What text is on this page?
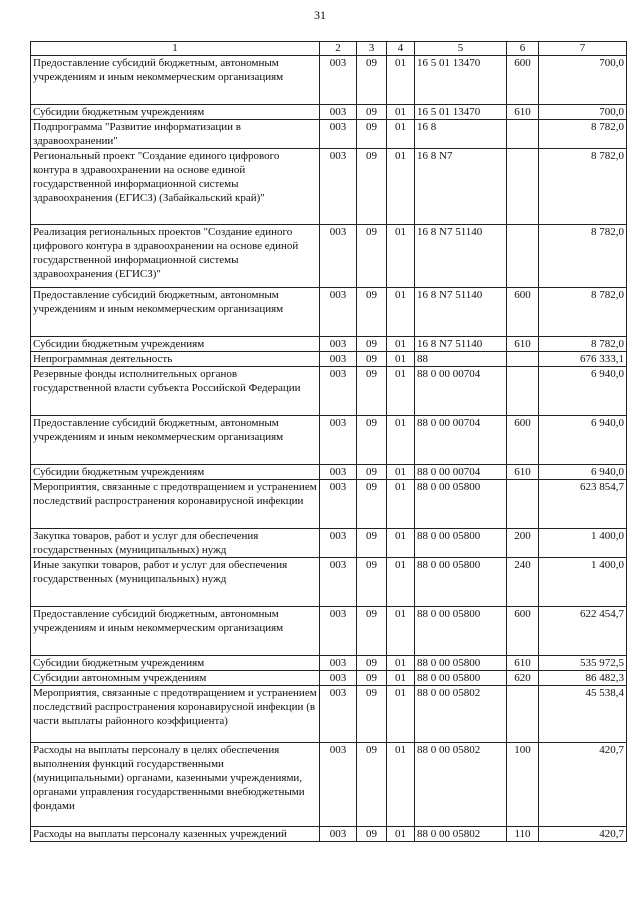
31
1	2	3	4	5	6	7
Предоставление субсидий бюджетным, автономным учреждениям и иным некоммерческим организациям	003	09	01	16 5 01 13470	600	700,0
Субсидии бюджетным учреждениям	003	09	01	16 5 01 13470	610	700,0
Подпрограмма "Развитие информатизации в здравоохранении"	003	09	01	16 8		8 782,0
Региональный проект "Создание единого цифрового контура в здравоохранении на основе единой государственной информационной системы здравоохранения (ЕГИСЗ) (Забайкальский край)"	003	09	01	16 8 N7		8 782,0
Реализация региональных проектов "Создание единого цифрового контура в здравоохранении на основе единой государственной информационной системы здравоохранения (ЕГИСЗ)"	003	09	01	16 8 N7 51140		8 782,0
Предоставление субсидий бюджетным, автономным учреждениям и иным некоммерческим организациям	003	09	01	16 8 N7 51140	600	8 782,0
Субсидии бюджетным учреждениям	003	09	01	16 8 N7 51140	610	8 782,0
Непрограммная деятельность	003	09	01	88		676 333,1
Резервные фонды исполнительных органов государственной власти субъекта Российской Федерации	003	09	01	88 0 00 00704		6 940,0
Предоставление субсидий бюджетным, автономным учреждениям и иным некоммерческим организациям	003	09	01	88 0 00 00704	600	6 940,0
Субсидии бюджетным учреждениям	003	09	01	88 0 00 00704	610	6 940,0
Мероприятия, связанные с предотвращением и устранением последствий распространения коронавирусной инфекции	003	09	01	88 0 00 05800		623 854,7
Закупка товаров, работ и услуг для обеспечения государственных (муниципальных) нужд	003	09	01	88 0 00 05800	200	1 400,0
Иные закупки товаров, работ и услуг для обеспечения государственных (муниципальных) нужд	003	09	01	88 0 00 05800	240	1 400,0
Предоставление субсидий бюджетным, автономным учреждениям и иным некоммерческим организациям	003	09	01	88 0 00 05800	600	622 454,7
Субсидии бюджетным учреждениям	003	09	01	88 0 00 05800	610	535 972,5
Субсидии автономным учреждениям	003	09	01	88 0 00 05800	620	86 482,3
Мероприятия, связанные с предотвращением и устранением последствий распространения коронавирусной инфекции (в части выплаты районного коэффициента)	003	09	01	88 0 00 05802		45 538,4
Расходы на выплаты персоналу в целях обеспечения выполнения функций государственными (муниципальными) органами, казенными учреждениями, органами управления государственными внебюджетными фондами	003	09	01	88 0 00 05802	100	420,7
Расходы на выплаты персоналу казенных учреждений	003	09	01	88 0 00 05802	110	420,7
